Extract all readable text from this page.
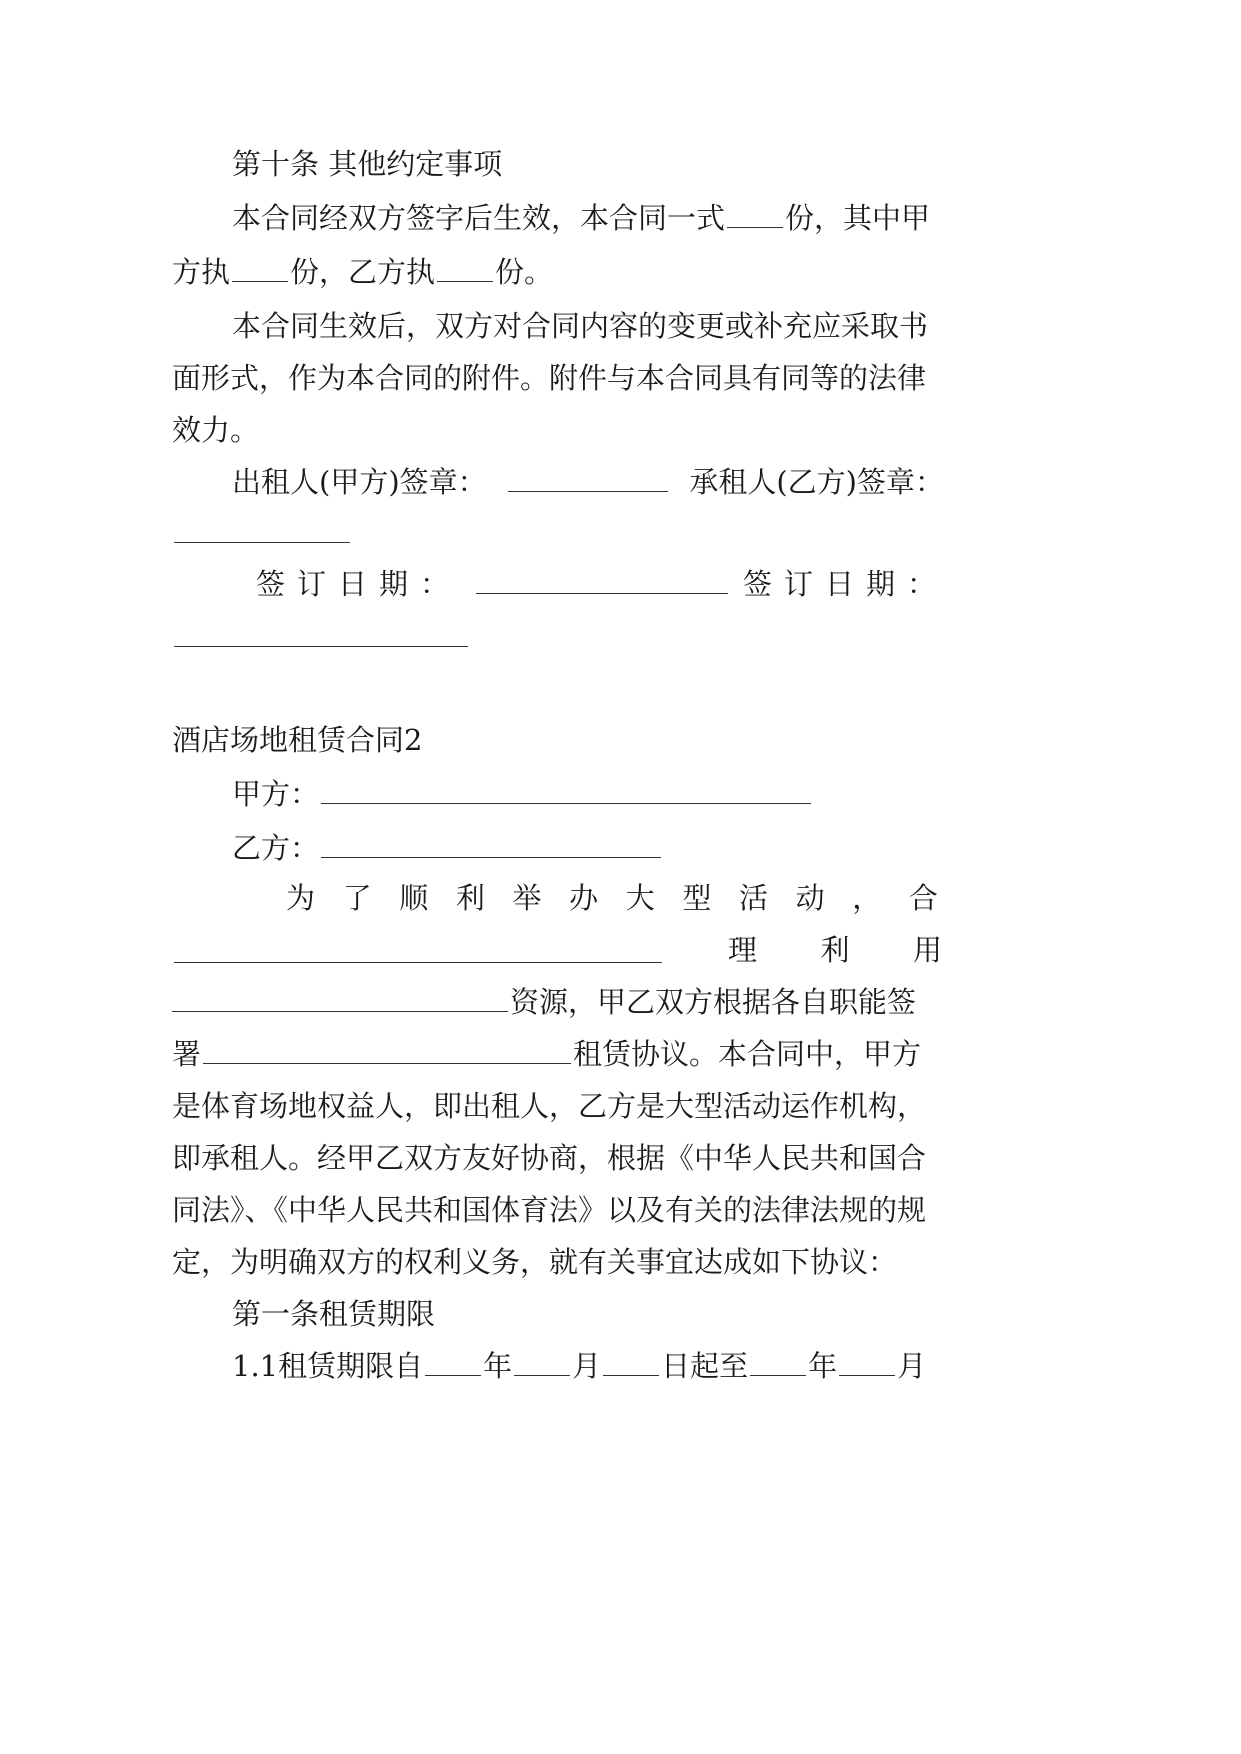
第十条 其他约定事项
本合同经双方签字后生效，本合同一式 份，其中甲
方执 份，乙方执 份。
本合同生效后，双方对合同内容的变更或补充应采取书
面形式，作为本合同的附件。附件与本合同具有同等的法律
效力。
出租人(甲方)签章：	承租人(乙方)签章：
签订日期：	签订日期：
酒店场地租赁合同2
甲方：
乙方：
为 了 顺 利 举 办 大 型 活 动 ， 合
理 利 用
资源，甲乙双方根据各自职能签
署	租赁协议。本合同中，甲方
是体育场地权益人，即出租人，乙方是大型活动运作机构，
即承租人。经甲乙双方友好协商，根据《中华人民共和国合
同法》、《中华人民共和国体育法》以及有关的法律法规的规
定，为明确双方的权利义务，就有关事宜达成如下协议：
第一条租赁期限
1.1租赁期限自 年 月 日起至 年 月
